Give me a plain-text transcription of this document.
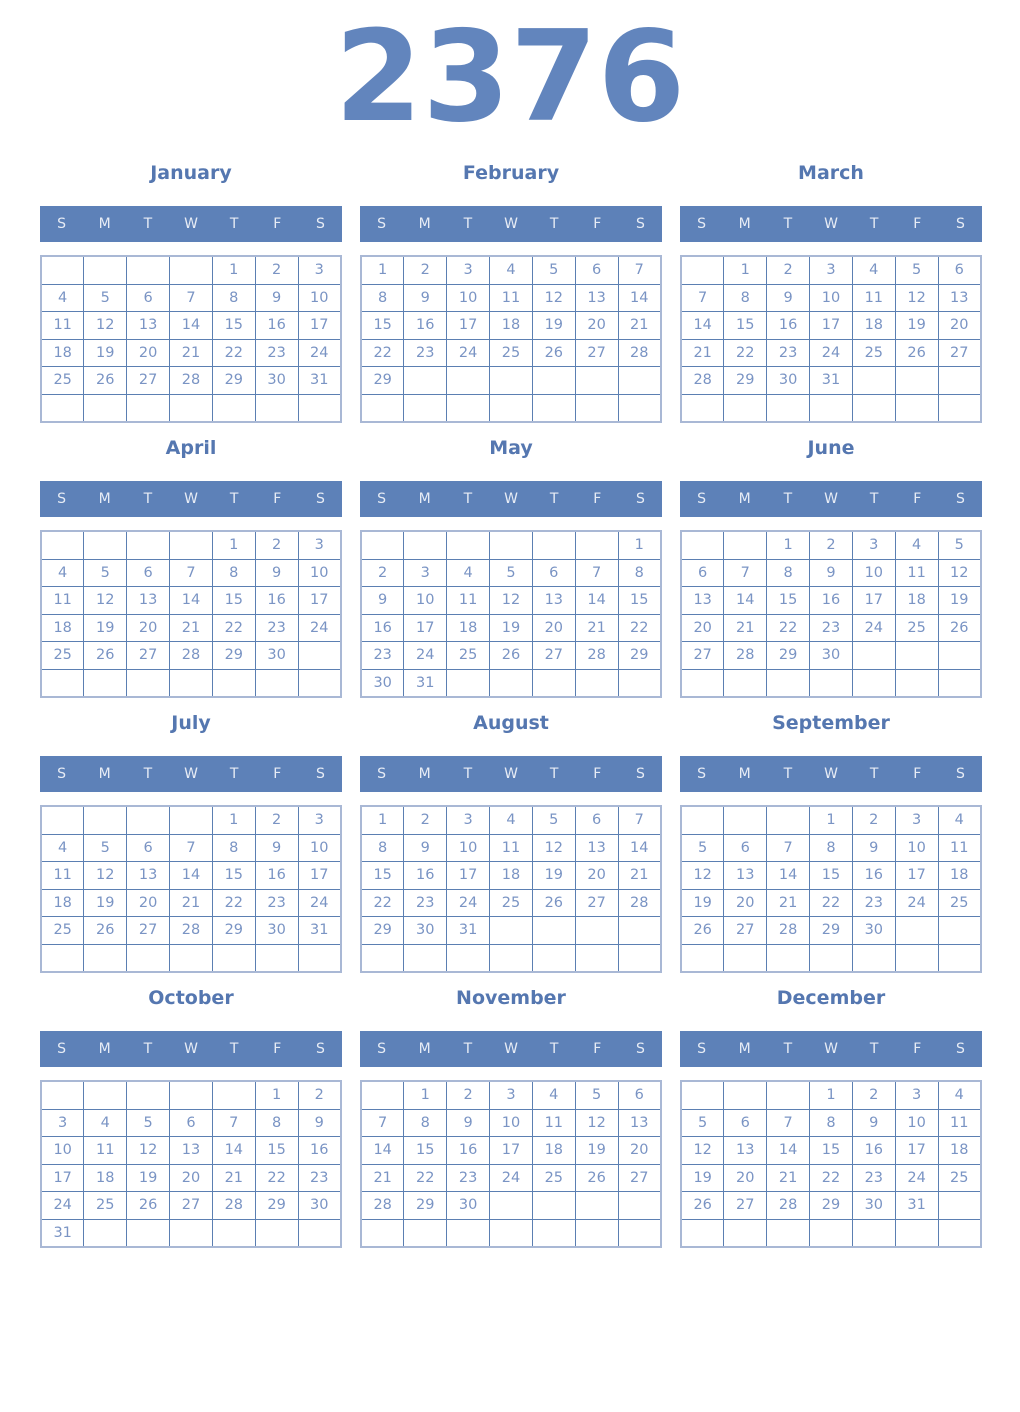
2376
January
S	M	T	W	T	F	S
				1	2	3
4	5	6	7	8	9	10
11	12	13	14	15	16	17
18	19	20	21	22	23	24
25	26	27	28	29	30	31

February
S	M	T	W	T	F	S
1	2	3	4	5	6	7
8	9	10	11	12	13	14
15	16	17	18	19	20	21
22	23	24	25	26	27	28
29						

March
S	M	T	W	T	F	S
	1	2	3	4	5	6
7	8	9	10	11	12	13
14	15	16	17	18	19	20
21	22	23	24	25	26	27
28	29	30	31			

April
S	M	T	W	T	F	S
				1	2	3
4	5	6	7	8	9	10
11	12	13	14	15	16	17
18	19	20	21	22	23	24
25	26	27	28	29	30	

May
S	M	T	W	T	F	S
						1
2	3	4	5	6	7	8
9	10	11	12	13	14	15
16	17	18	19	20	21	22
23	24	25	26	27	28	29
30	31					
June
S	M	T	W	T	F	S
		1	2	3	4	5
6	7	8	9	10	11	12
13	14	15	16	17	18	19
20	21	22	23	24	25	26
27	28	29	30			

July
S	M	T	W	T	F	S
				1	2	3
4	5	6	7	8	9	10
11	12	13	14	15	16	17
18	19	20	21	22	23	24
25	26	27	28	29	30	31

August
S	M	T	W	T	F	S
1	2	3	4	5	6	7
8	9	10	11	12	13	14
15	16	17	18	19	20	21
22	23	24	25	26	27	28
29	30	31				

September
S	M	T	W	T	F	S
			1	2	3	4
5	6	7	8	9	10	11
12	13	14	15	16	17	18
19	20	21	22	23	24	25
26	27	28	29	30		

October
S	M	T	W	T	F	S
					1	2
3	4	5	6	7	8	9
10	11	12	13	14	15	16
17	18	19	20	21	22	23
24	25	26	27	28	29	30
31						
November
S	M	T	W	T	F	S
	1	2	3	4	5	6
7	8	9	10	11	12	13
14	15	16	17	18	19	20
21	22	23	24	25	26	27
28	29	30				

December
S	M	T	W	T	F	S
			1	2	3	4
5	6	7	8	9	10	11
12	13	14	15	16	17	18
19	20	21	22	23	24	25
26	27	28	29	30	31	
